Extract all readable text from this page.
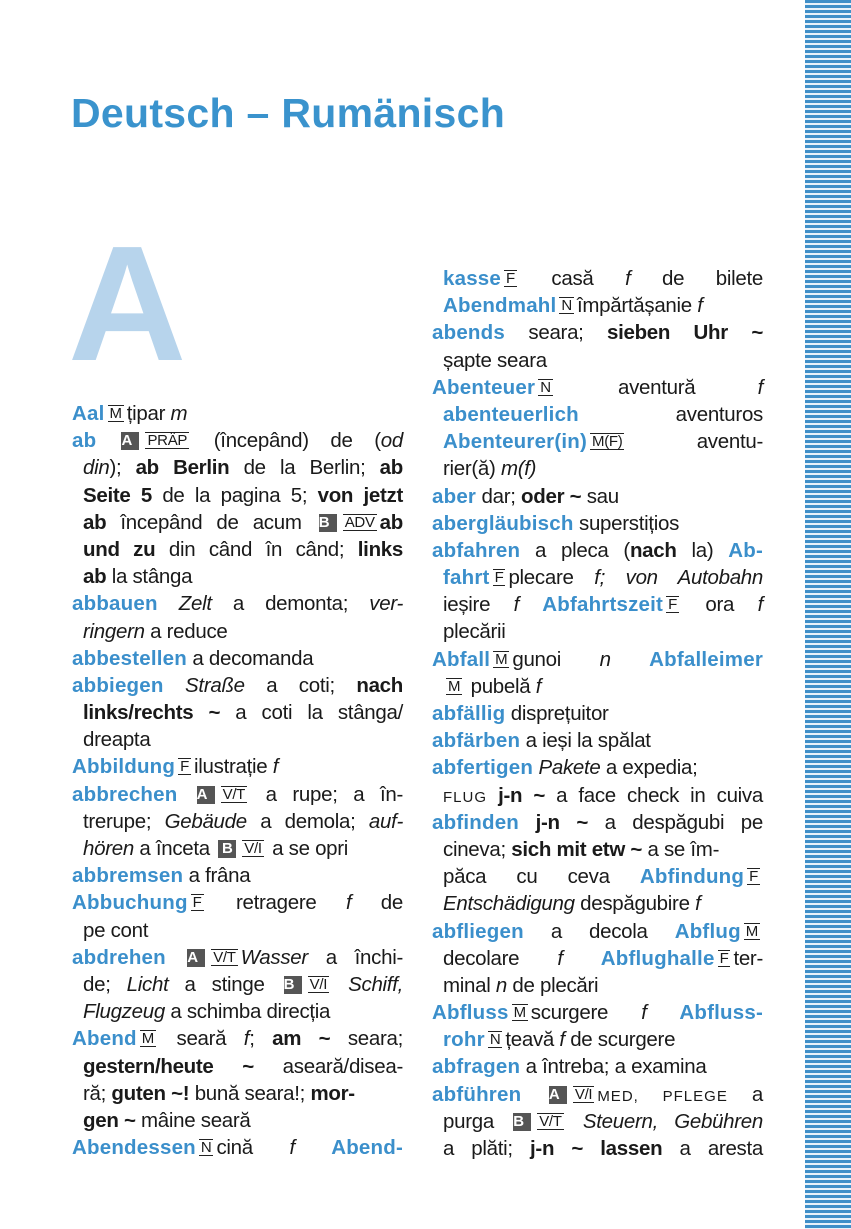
Deutsch – Rumänisch
A
Aal M țipar m
ab A PRÄP (începând) de (od
din); ab Berlin de la Berlin; ab
Seite 5 de la pagina 5; von jetzt
ab începând de acum B ADV ab
und zu din când în când; links
ab la stânga
abbauen Zelt a demonta; ver-
ringern a reduce
abbestellen a decomanda
abbiegen Straße a coti; nach
links/rechts ~ a coti la stânga/
dreapta
Abbildung F ilustrație f
abbrechen A V/T a rupe; a în-
trerupe; Gebäude a demola; auf-
hören a înceta B V/I a se opri
abbremsen a frâna
Abbuchung F retragere f de
pe cont
abdrehen A V/T Wasser a închi-
de; Licht a stinge B V/I Schiff,
Flugzeug a schimba direcția
Abend M seară f; am ~ seara;
gestern/heute ~ aseară/disea-
ră; guten ~! bună seara!; mor-
gen ~ mâine seară
Abendessen N cină f Abend-
kasse F casă f de bilete
Abendmahl N împărtășanie f
abends seara; sieben Uhr ~
șapte seara
Abenteuer N aventură f
abenteuerlich aventuros
Abenteurer(in) M(F) aventu-
rier(ă) m(f)
aber dar; oder ~ sau
abergläubisch superstițios
abfahren a pleca (nach la) Ab-
fahrt F plecare f; von Autobahn
ieșire f Abfahrtszeit F ora f
plecării
Abfall M gunoi n Abfalleimer
M pubelă f
abfällig disprețuitor
abfärben a ieși la spălat
abfertigen Pakete a expedia;
FLUG j-n ~ a face check in cuiva
abfinden j-n ~ a despăgubi pe
cineva; sich mit etw ~ a se îm-
păca cu ceva Abfindung F
Entschädigung despăgubire f
abfliegen a decola Abflug M
decolare f Abflughalle F ter-
minal n de plecări
Abfluss M scurgere f Abfluss-
rohr N țeavă f de scurgere
abfragen a întreba; a examina
abführen A V/I MED, PFLEGE a
purga B V/T Steuern, Gebühren
a plăti; j-n ~ lassen a aresta
